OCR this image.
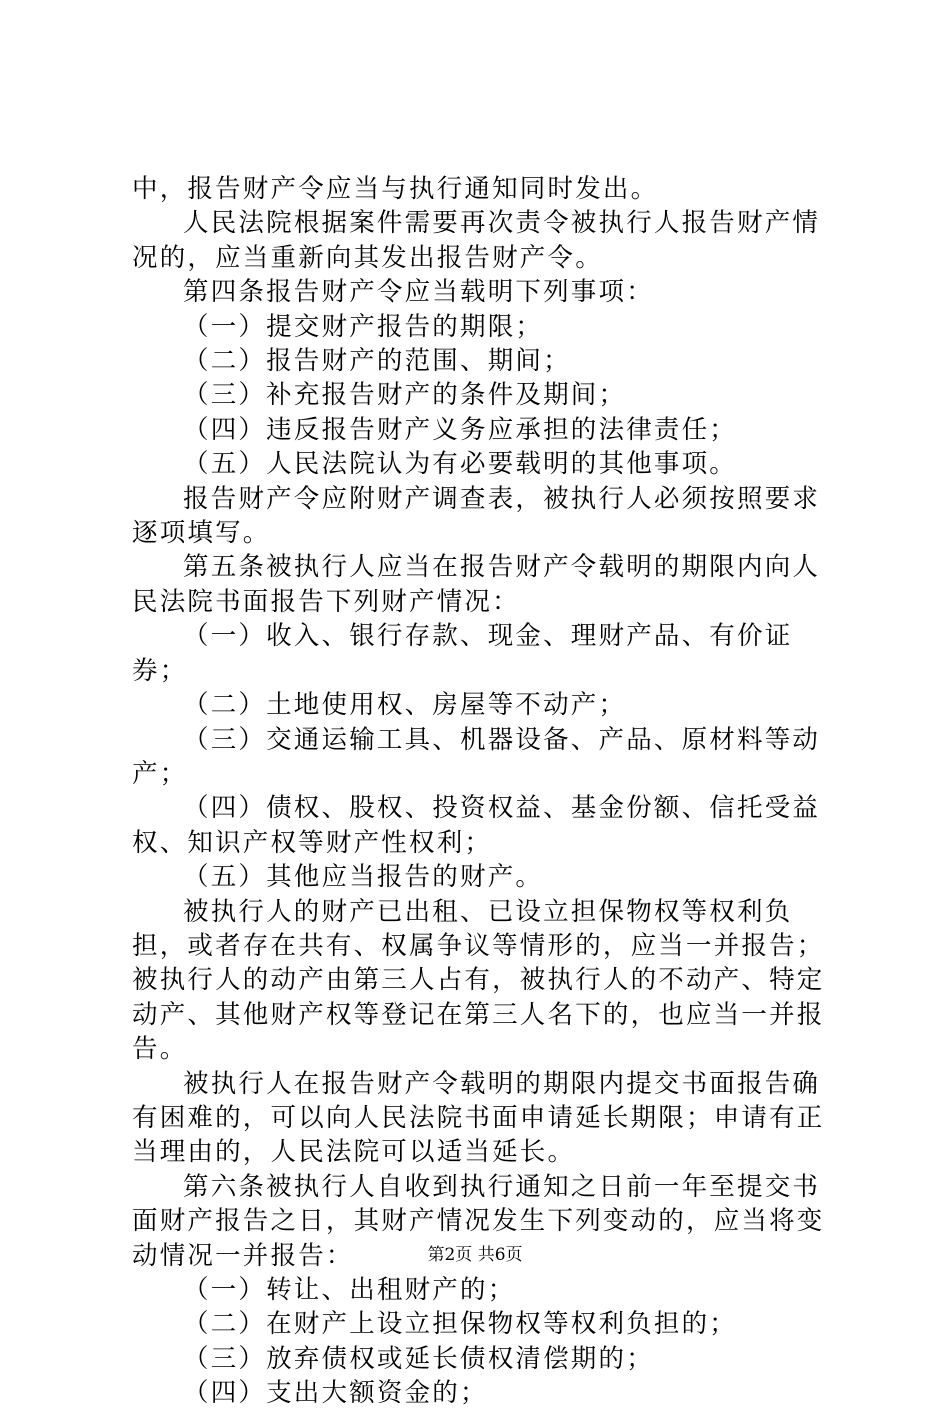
中，报告财产令应当与执行通知同时发出。

人民法院根据案件需要再次责令被执行人报告财产情况的，应当重新向其发出报告财产令。

第四条报告财产令应当载明下列事项：

（一）提交财产报告的期限；

（二）报告财产的范围、期间；

（三）补充报告财产的条件及期间；

（四）违反报告财产义务应承担的法律责任；

（五）人民法院认为有必要载明的其他事项。

报告财产令应附财产调查表，被执行人必须按照要求逐项填写。

第五条被执行人应当在报告财产令载明的期限内向人民法院书面报告下列财产情况：

（一）收入、银行存款、现金、理财产品、有价证券；

（二）土地使用权、房屋等不动产；

（三）交通运输工具、机器设备、产品、原材料等动产；

（四）债权、股权、投资权益、基金份额、信托受益权、知识产权等财产性权利；

（五）其他应当报告的财产。

被执行人的财产已出租、已设立担保物权等权利负担，或者存在共有、权属争议等情形的，应当一并报告；被执行人的动产由第三人占有，被执行人的不动产、特定动产、其他财产权等登记在第三人名下的，也应当一并报告。

被执行人在报告财产令载明的期限内提交书面报告确有困难的，可以向人民法院书面申请延长期限；申请有正当理由的，人民法院可以适当延长。

第六条被执行人自收到执行通知之日前一年至提交书面财产报告之日，其财产情况发生下列变动的，应当将变动情况一并报告：

（一）转让、出租财产的；

（二）在财产上设立担保物权等权利负担的；

（三）放弃债权或延长债权清偿期的；

（四）支出大额资金的；

第2页 共6页
